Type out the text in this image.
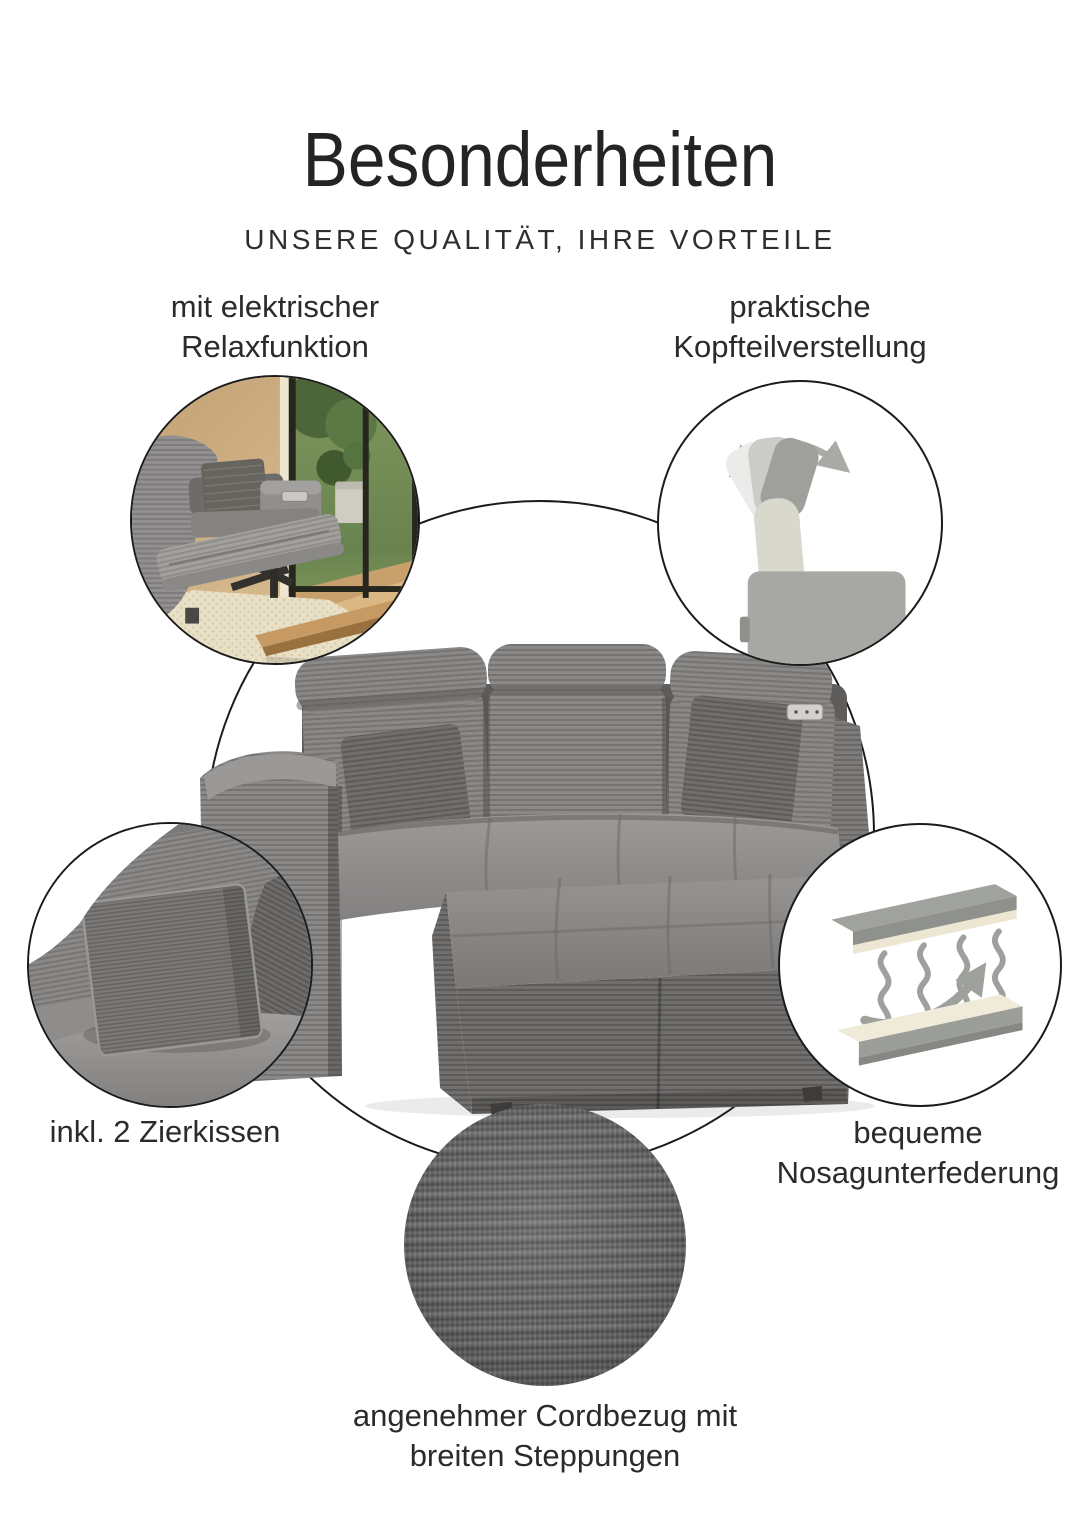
Besonderheiten
UNSERE QUALITÄT, IHRE VORTEILE
mit elektrischer
Relaxfunktion
praktische
Kopfteilverstellung
inkl. 2 Zierkissen	bequeme
Nosagunterfederung
angenehmer Cordbezug mit
breiten Steppungen
